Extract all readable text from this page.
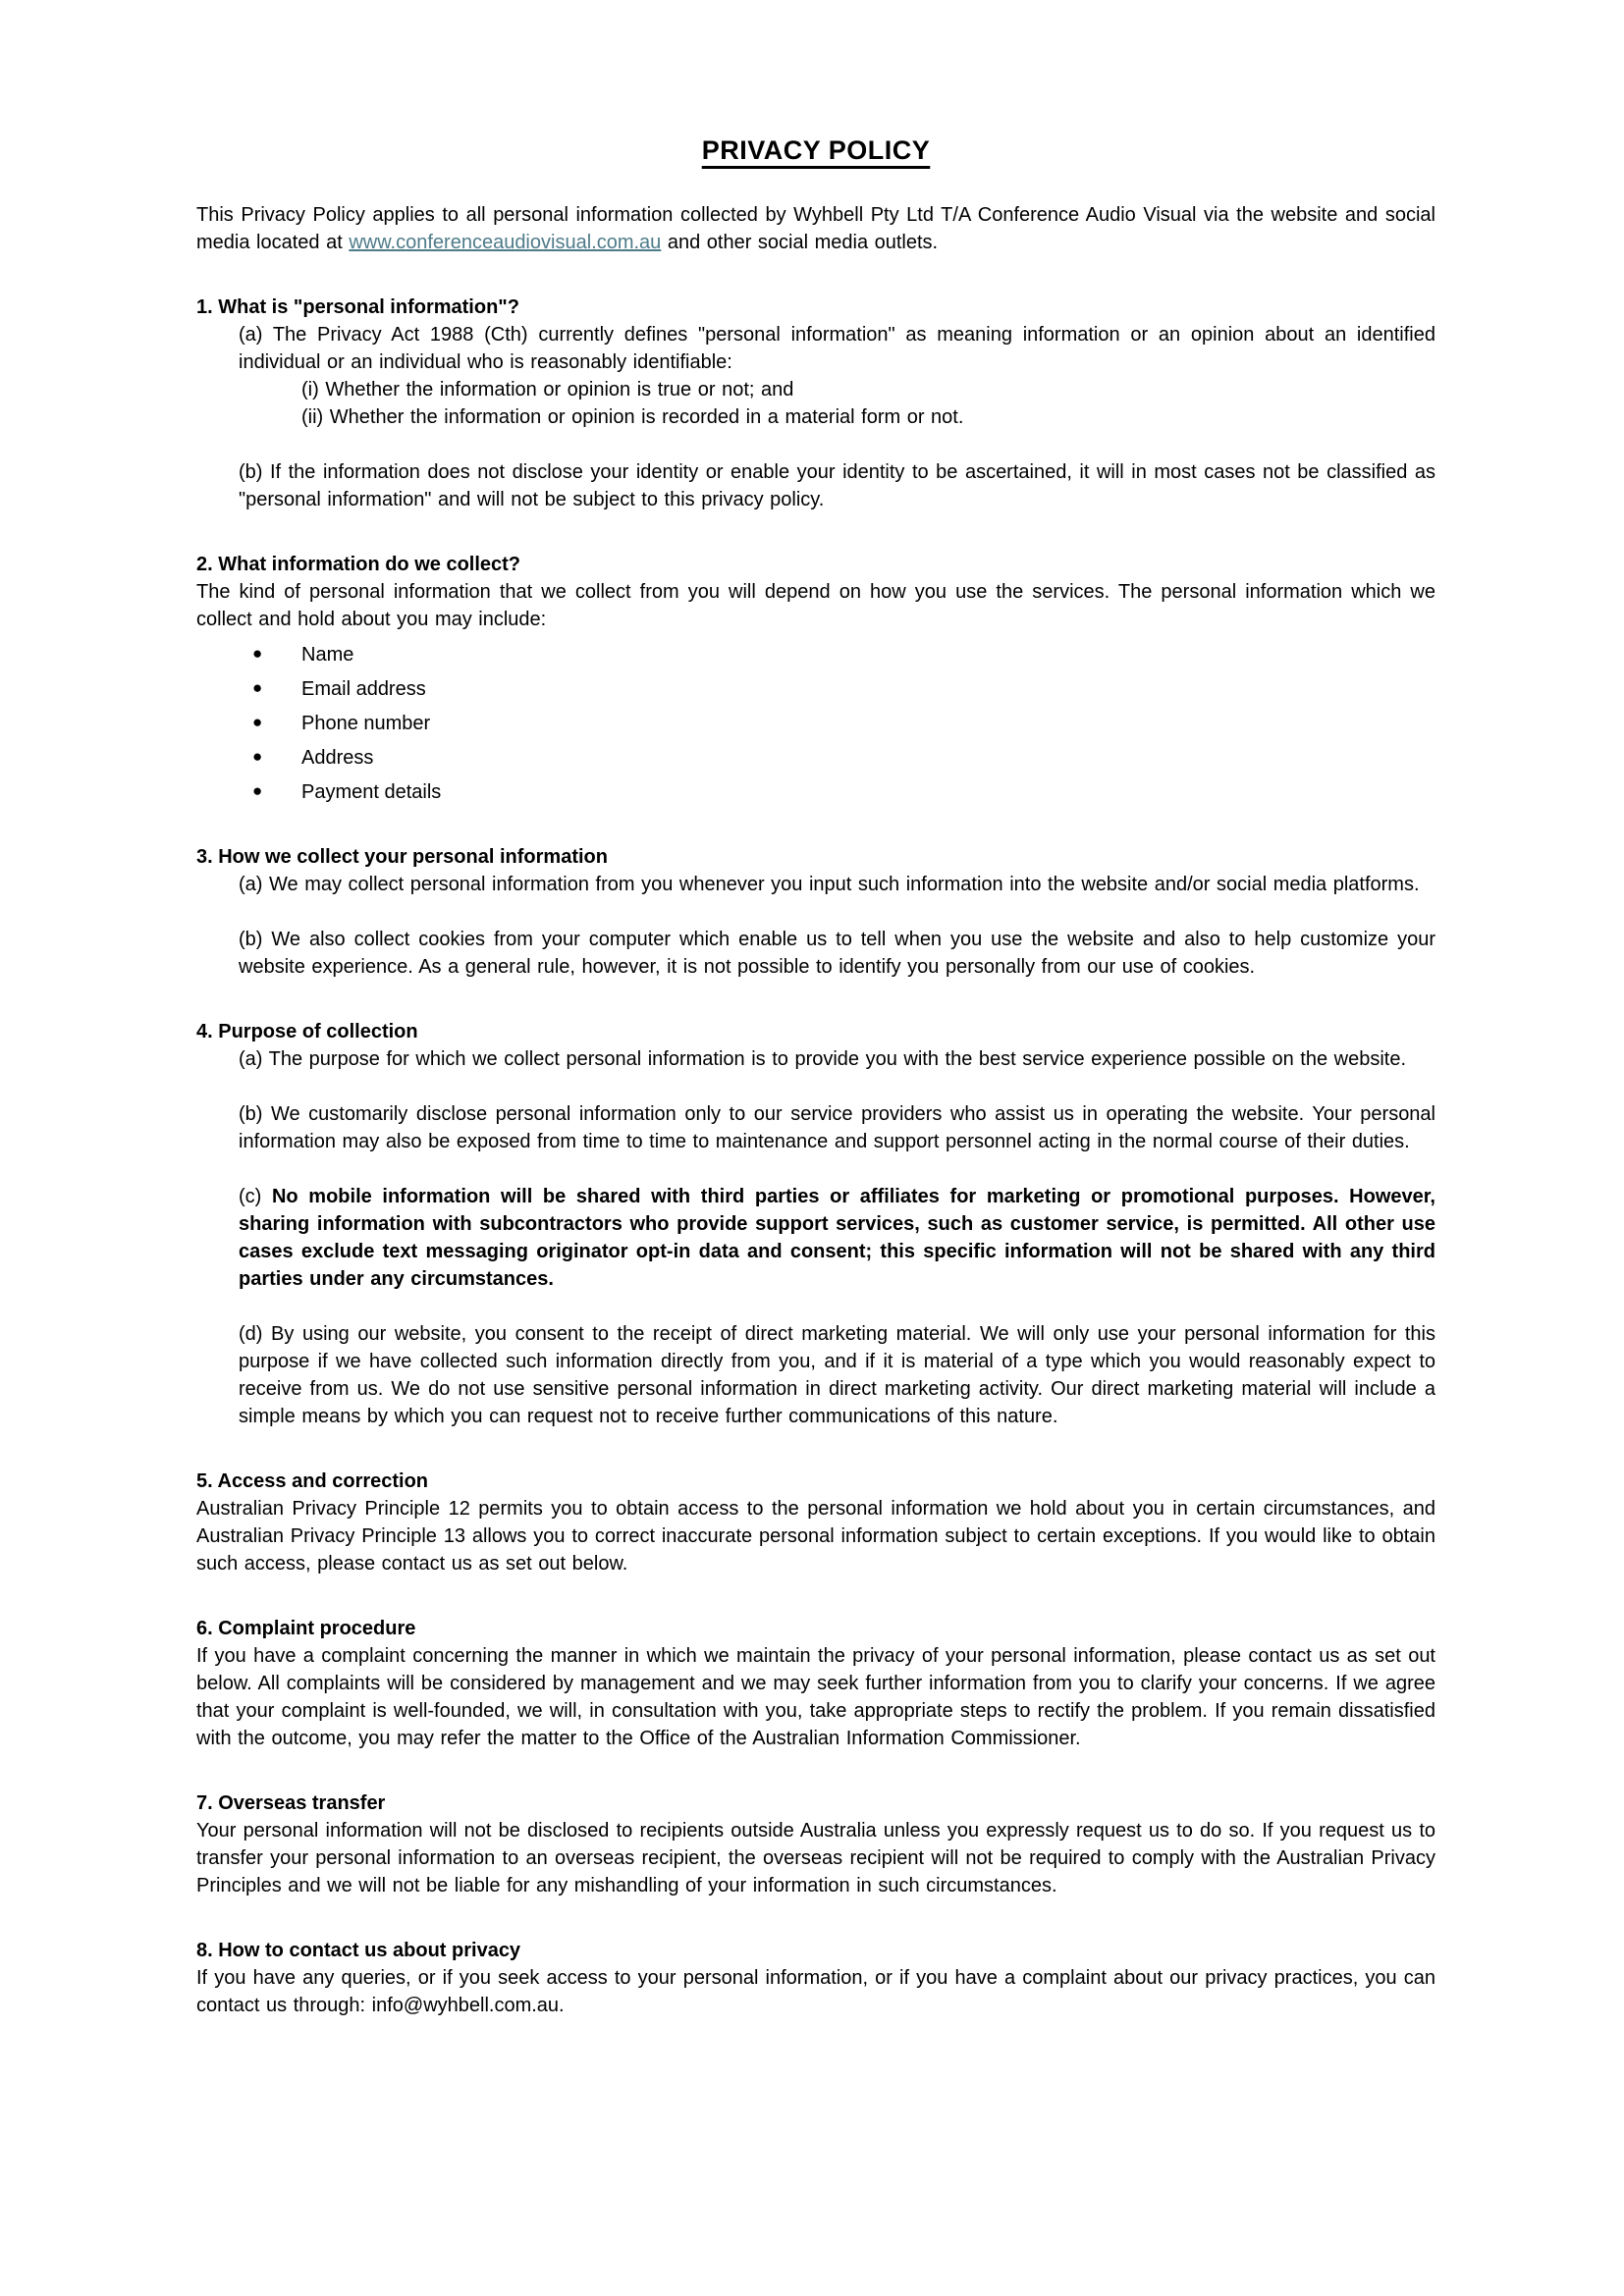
PRIVACY POLICY

This Privacy Policy applies to all personal information collected by Wyhbell Pty Ltd T/A Conference Audio Visual via the website and social media located at www.conferenceaudiovisual.com.au and other social media outlets.

1. What is "personal information"?

(a) The Privacy Act 1988 (Cth) currently defines "personal information" as meaning information or an opinion about an identified individual or an individual who is reasonably identifiable:

(i) Whether the information or opinion is true or not; and

(ii) Whether the information or opinion is recorded in a material form or not.

(b) If the information does not disclose your identity or enable your identity to be ascertained, it will in most cases not be classified as "personal information" and will not be subject to this privacy policy.

2. What information do we collect?

The kind of personal information that we collect from you will depend on how you use the services. The personal information which we collect and hold about you may include:

● Name
● Email address
● Phone number
● Address
● Payment details
3. How we collect your personal information

(a) We may collect personal information from you whenever you input such information into the website and/or social media platforms.

(b) We also collect cookies from your computer which enable us to tell when you use the website and also to help customize your website experience. As a general rule, however, it is not possible to identify you personally from our use of cookies.

4. Purpose of collection

(a) The purpose for which we collect personal information is to provide you with the best service experience possible on the website.

(b) We customarily disclose personal information only to our service providers who assist us in operating the website. Your personal information may also be exposed from time to time to maintenance and support personnel acting in the normal course of their duties.

(c) No mobile information will be shared with third parties or affiliates for marketing or promotional purposes. However, sharing information with subcontractors who provide support services, such as customer service, is permitted. All other use cases exclude text messaging originator opt-in data and consent; this specific information will not be shared with any third parties under any circumstances.

(d) By using our website, you consent to the receipt of direct marketing material. We will only use your personal information for this purpose if we have collected such information directly from you, and if it is material of a type which you would reasonably expect to receive from us. We do not use sensitive personal information in direct marketing activity. Our direct marketing material will include a simple means by which you can request not to receive further communications of this nature.

5. Access and correction

Australian Privacy Principle 12 permits you to obtain access to the personal information we hold about you in certain circumstances, and Australian Privacy Principle 13 allows you to correct inaccurate personal information subject to certain exceptions. If you would like to obtain such access, please contact us as set out below.

6. Complaint procedure

If you have a complaint concerning the manner in which we maintain the privacy of your personal information, please contact us as set out below. All complaints will be considered by management and we may seek further information from you to clarify your concerns. If we agree that your complaint is well-founded, we will, in consultation with you, take appropriate steps to rectify the problem. If you remain dissatisfied with the outcome, you may refer the matter to the Office of the Australian Information Commissioner.

7. Overseas transfer

Your personal information will not be disclosed to recipients outside Australia unless you expressly request us to do so. If you request us to transfer your personal information to an overseas recipient, the overseas recipient will not be required to comply with the Australian Privacy Principles and we will not be liable for any mishandling of your information in such circumstances.

8. How to contact us about privacy

If you have any queries, or if you seek access to your personal information, or if you have a complaint about our privacy practices, you can contact us through: info@wyhbell.com.au.
